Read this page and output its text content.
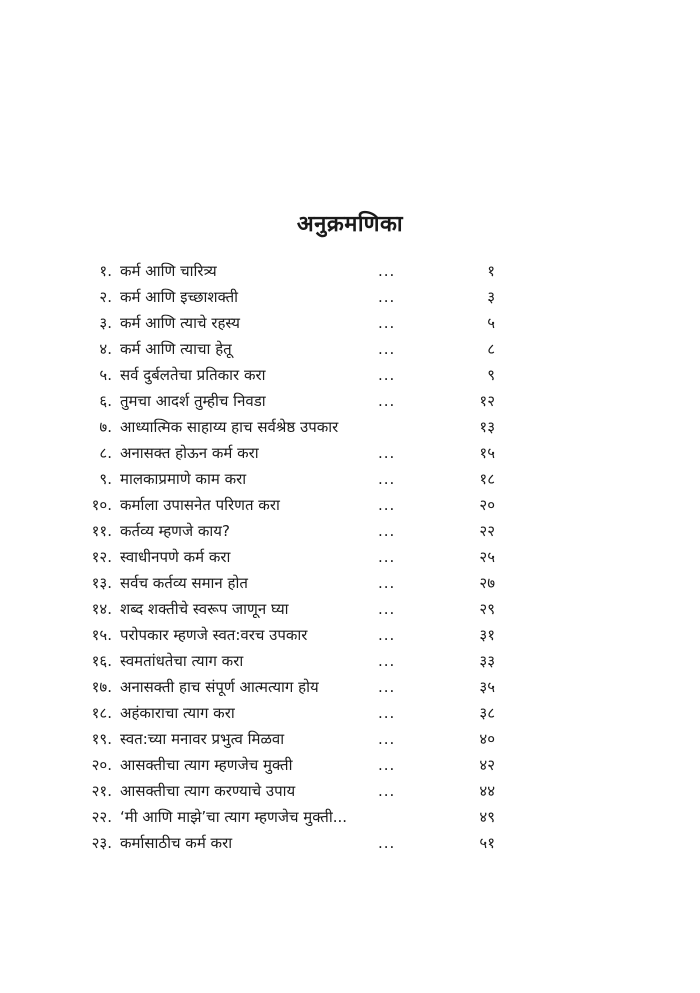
अनुक्रमणिका
१. कर्म आणि चारित्र्य	...	१
२. कर्म आणि इच्छाशक्ती	...	३
३. कर्म आणि त्याचे रहस्य	...	५
४. कर्म आणि त्याचा हेतू	...	८
५. सर्व दुर्बलतेचा प्रतिकार करा	...	९
६. तुमचा आदर्श तुम्हीच निवडा	...	१२
७. आध्यात्मिक साहाय्य हाच सर्वश्रेष्ठ उपकार	१३
८. अनासक्त होऊन कर्म करा	...	१५
९. मालकाप्रमाणे काम करा	...	१८
१०. कर्माला उपासनेत परिणत करा	...	२०
११. कर्तव्य म्हणजे काय?	...	२२
१२. स्वाधीनपणे कर्म करा	...	२५
१३. सर्वच कर्तव्य समान होत	...	२७
१४. शब्द शक्तीचे स्वरूप जाणून घ्या	...	२९
१५. परोपकार म्हणजे स्वत:वरच उपकार	...	३१
१६. स्वमतांधतेचा त्याग करा	...	३३
१७. अनासक्ती हाच संपूर्ण आत्मत्याग होय	...	३५
१८. अहंकाराचा त्याग करा	...	३८
१९. स्वत:च्या मनावर प्रभुत्व मिळवा	...	४०
२०. आसक्तीचा त्याग म्हणजेच मुक्ती	...	४२
२१. आसक्तीचा त्याग करण्याचे उपाय	...	४४
२२. ‘मी आणि माझे’चा त्याग म्हणजेच मुक्ती...	४९
२३. कर्मासाठीच कर्म करा	...	५१
